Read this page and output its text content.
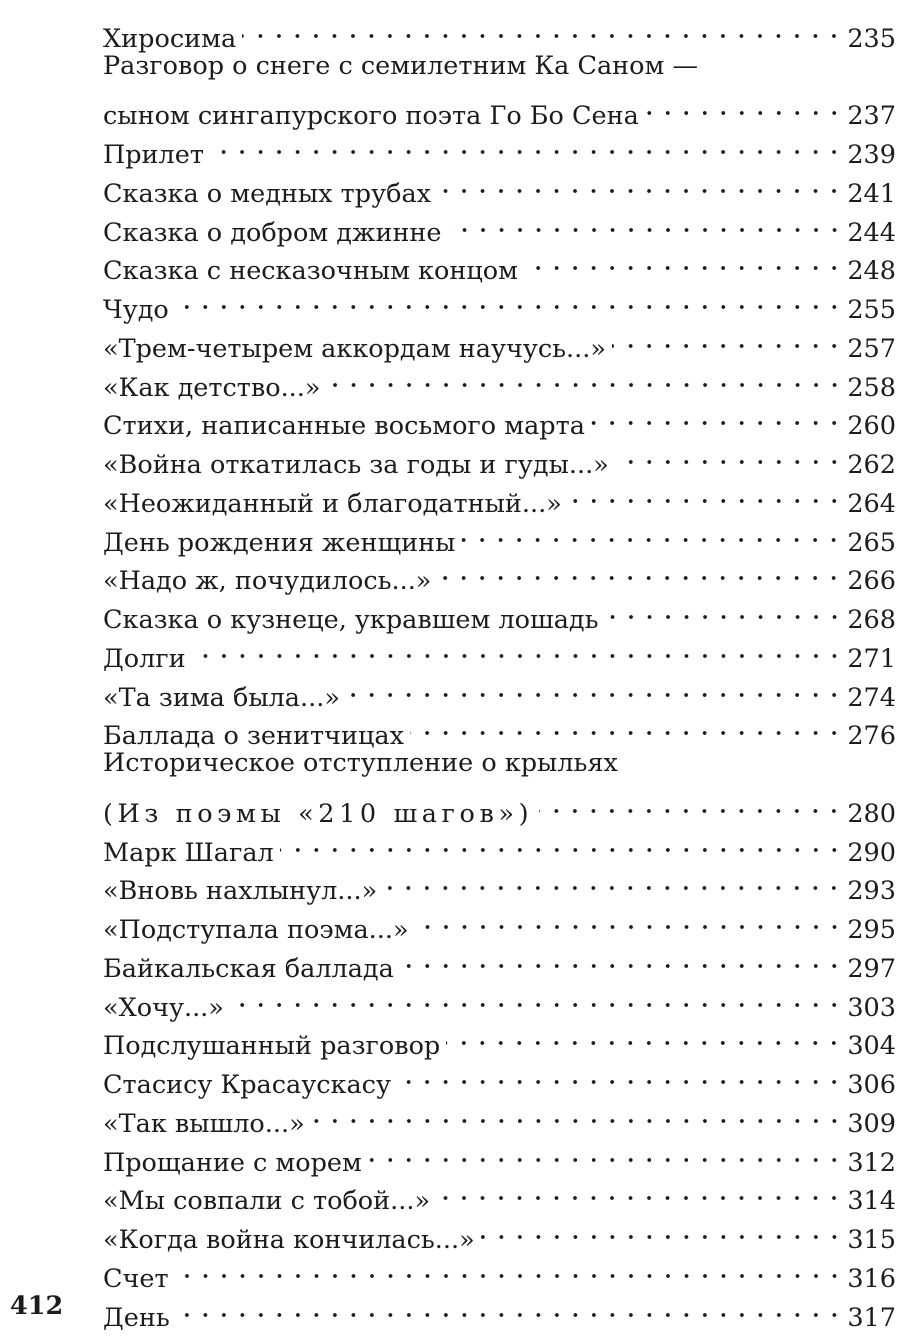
Хиросима	235
Разговор о снеге с семилетним Ка Саном —
сыном сингапурского поэта Го Бо Сена	237
Прилет	239
Сказка о медных трубах	241
Сказка о добром джинне	244
Сказка с несказочным концом	248
Чудо	255
«Трем-четырем аккордам научусь...»	257
«Как детство...»	258
Стихи, написанные восьмого марта	260
«Война откатилась за годы и гуды...»	262
«Неожиданный и благодатный...»	264
День рождения женщины	265
«Надо ж, почудилось...»	266
Сказка о кузнеце, укравшем лошадь	268
Долги	271
«Та зима была...»	274
Баллада о зенитчицах	276
Историческое отступление о крыльях
(Из поэмы «210 шагов»)	280
Марк Шагал	290
«Вновь нахлынул...»	293
«Подступала поэма...»	295
Байкальская баллада	297
«Хочу...»	303
Подслушанный разговор	304
Стасису Красаускасу	306
«Так вышло...»	309
Прощание с морем	312
«Мы совпали с тобой...»	314
«Когда война кончилась...»	315
Счет	316
День	317
412
